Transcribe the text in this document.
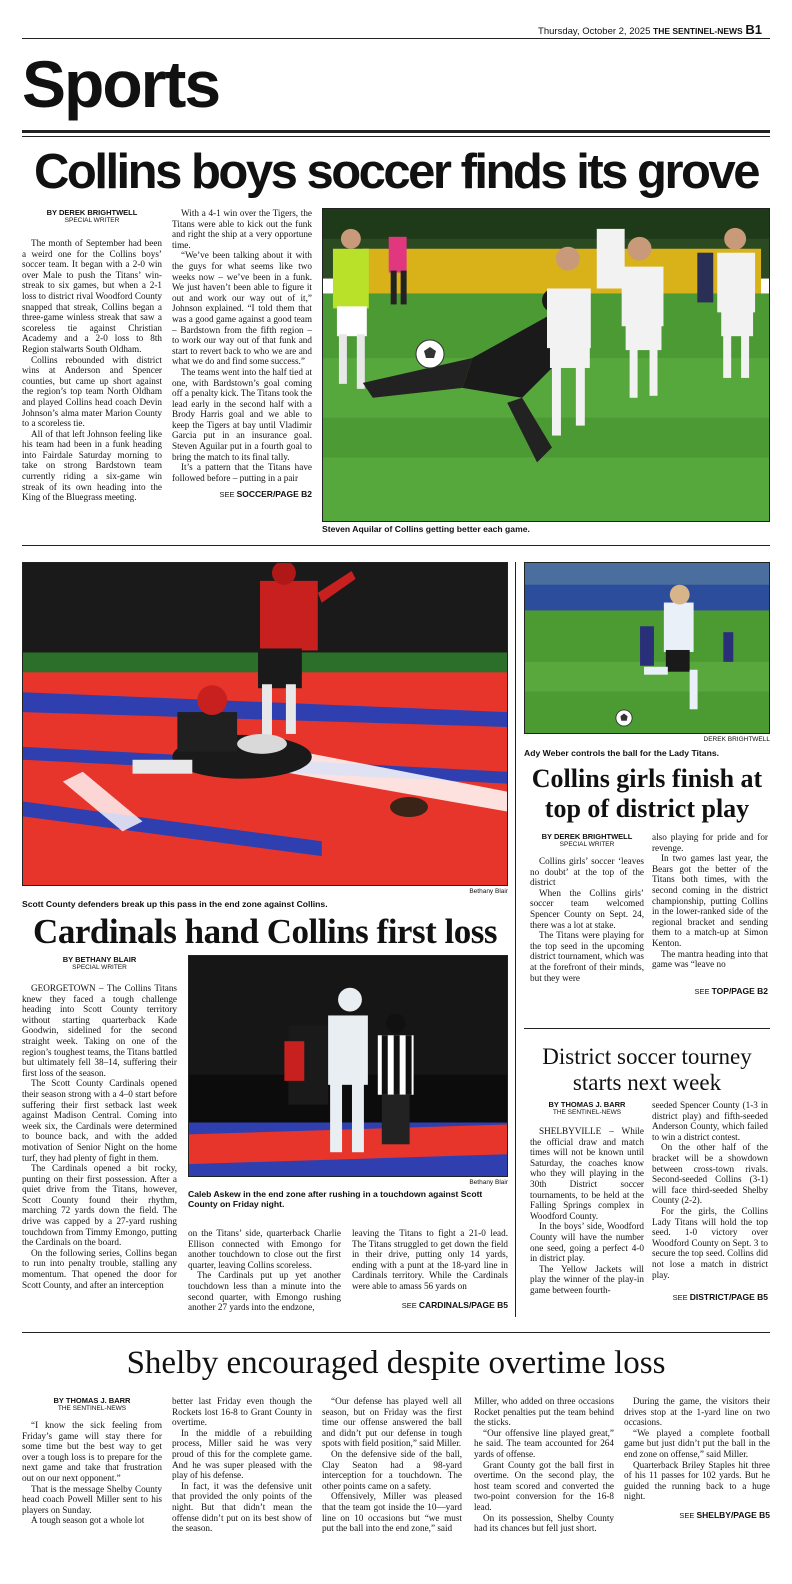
Thursday, October 2, 2025 THE SENTINEL-NEWS B1
Sports
Collins boys soccer finds its grove
BY DEREK BRIGHTWELL
SPECIAL WRITER

The month of September had been a weird one for the Collins boys’ soccer team. It began with a 2-0 win over Male to push the Titans’ win-streak to six games, but when a 2-1 loss to district rival Woodford County snapped that streak, Collins began a three-game winless streak that saw a scoreless tie against Christian Academy and a 2-0 loss to 8th Region stalwarts South Oldham.

Collins rebounded with district wins at Anderson and Spencer counties, but came up short against the region’s top team North Oldham and played Collins head coach Devin Johnson’s alma mater Marion County to a scoreless tie.

All of that left Johnson feeling like his team had been in a funk heading into Fairdale Saturday morning to take on strong Bardstown team currently riding a six-game win streak of its own heading into the King of the Bluegrass meeting.

With a 4-1 win over the Tigers, the Titans were able to kick out the funk and right the ship at a very opportune time.

“We’ve been talking about it with the guys for what seems like two weeks now – we’ve been in a funk. We just haven’t been able to figure it out and work our way out of it,” Johnson explained. “I told them that was a good game against a good team – Bardstown from the fifth region – to work our way out of that funk and start to revert back to who we are and what we do and find some success.”

The teams went into the half tied at one, with Bardstown’s goal coming off a penalty kick. The Titans took the lead early in the second half with a Brody Harris goal and we able to keep the Tigers at bay until Vladimir Garcia put in an insurance goal. Steven Aguilar put in a fourth goal to bring the match to its final tally.

It’s a pattern that the Titans have followed before – putting in a pair

SEE SOCCER/PAGE B2
Steven Aquilar of Collins getting better each game.
Bethany Blair
Scott County defenders break up this pass in the end zone against Collins.
Cardinals hand Collins first loss
BY BETHANY BLAIR
SPECIAL WRITER

GEORGETOWN – The Collins Titans knew they faced a tough challenge heading into Scott County territory without starting quarterback Kade Goodwin, sidelined for the second straight week. Taking on one of the region’s toughest teams, the Titans battled but ultimately fell 38–14, suffering their first loss of the season.

The Scott County Cardinals opened their season strong with a 4–0 start before suffering their first setback last week against Madison Central. Coming into week six, the Cardinals were determined to bounce back, and with the added motivation of Senior Night on the home turf, they had plenty of fight in them.

The Cardinals opened a bit rocky, punting on their first possession. After a quiet drive from the Titans, however, Scott County found their rhythm, marching 72 yards down the field. The drive was capped by a 27-yard rushing touchdown from Timmy Emongo, putting the Cardinals on the board.

On the following series, Collins began to run into penalty trouble, stalling any momentum. That opened the door for Scott County, and after an interception

Bethany Blair
Caleb Askew in the end zone after rushing in a touchdown against Scott County on Friday night.

on the Titans’ side, quarterback Charlie Ellison connected with Emongo for another touchdown to close out the first quarter, leaving Collins scoreless.

The Cardinals put up yet another touchdown less than a minute into the second quarter, with Emongo rushing another 27 yards into the endzone,

leaving the Titans to fight a 21-0 lead. The Titans struggled to get down the field in their drive, putting only 14 yards, ending with a punt at the 18-yard line in Cardinals territory. While the Cardinals were able to amass 56 yards on

SEE CARDINALS/PAGE B5
DEREK BRIGHTWELL
Ady Weber controls the ball for the Lady Titans.
Collins girls finish at top of district play
BY DEREK BRIGHTWELL
SPECIAL WRITER

Collins girls’ soccer ‘leaves no doubt’ at the top of the district

When the Collins girls’ soccer team welcomed Spencer County on Sept. 24, there was a lot at stake.

The Titans were playing for the top seed in the upcoming district tournament, which was at the forefront of their minds, but they were

also playing for pride and for revenge.

In two games last year, the Bears got the better of the Titans both times, with the second coming in the district championship, putting Collins in the lower-ranked side of the regional bracket and sending them to a match-up at Simon Kenton.

The mantra heading into that game was “leave no

SEE TOP/PAGE B2
District soccer tourney starts next week
BY THOMAS J. BARR
THE SENTINEL-NEWS

SHELBYVILLE – While the official draw and match times will not be known until Saturday, the coaches know who they will playing in the 30th District soccer tournaments, to be held at the Falling Springs complex in Woodford County.

In the boys’ side, Woodford County will have the number one seed, going a perfect 4-0 in district play.

The Yellow Jackets will play the winner of the play-in game between fourth-

seeded Spencer County (1-3 in district play) and fifth-seeded Anderson County, which failed to win a district contest.

On the other half of the bracket will be a showdown between cross-town rivals. Second-seeded Collins (3-1) will face third-seeded Shelby County (2-2).

For the girls, the Collins Lady Titans will hold the top seed. 1-0 victory over Woodford County on Sept. 3 to secure the top seed. Collins did not lose a match in district play.

SEE DISTRICT/PAGE B5
Shelby encouraged despite overtime loss
BY THOMAS J. BARR
THE SENTINEL-NEWS

“I know the sick feeling from Friday’s game will stay there for some time but the best way to get over a tough loss is to prepare for the next game and take that frustration out on our next opponent.”

That is the message Shelby County head coach Powell Miller sent to his players on Sunday.

A tough season got a whole lot

better last Friday even though the Rockets lost 16-8 to Grant County in overtime.

In the middle of a rebuilding process, Miller said he was very proud of this for the complete game. And he was super pleased with the play of his defense.

In fact, it was the defensive unit that provided the only points of the night. But that didn’t mean the offense didn’t put on its best show of the season.

“Our defense has played well all season, but on Friday was the first time our offense answered the ball and didn’t put our defense in tough spots with field position,” said Miller.

On the defensive side of the ball, Clay Seaton had a 98-yard interception for a touchdown. The other points came on a safety.

Offensively, Miller was pleased that the team got inside the 10—yard line on 10 occasions but “we must put the ball into the end zone,” said

Miller, who added on three occasions Rocket penalties put the team behind the sticks.

“Our offensive line played great,” he said. The team accounted for 264 yards of offense.

Grant County got the ball first in overtime. On the second play, the host team scored and converted the two-point conversion for the 16-8 lead.

On its possession, Shelby County had its chances but fell just short.

During the game, the visitors their drives stop at the 1-yard line on two occasions.

“We played a complete football game but just didn’t put the ball in the end zone on offense,” said Miller.

Quarterback Briley Staples hit three of his 11 passes for 102 yards. But he guided the running back to a huge night.

SEE SHELBY/PAGE B5
